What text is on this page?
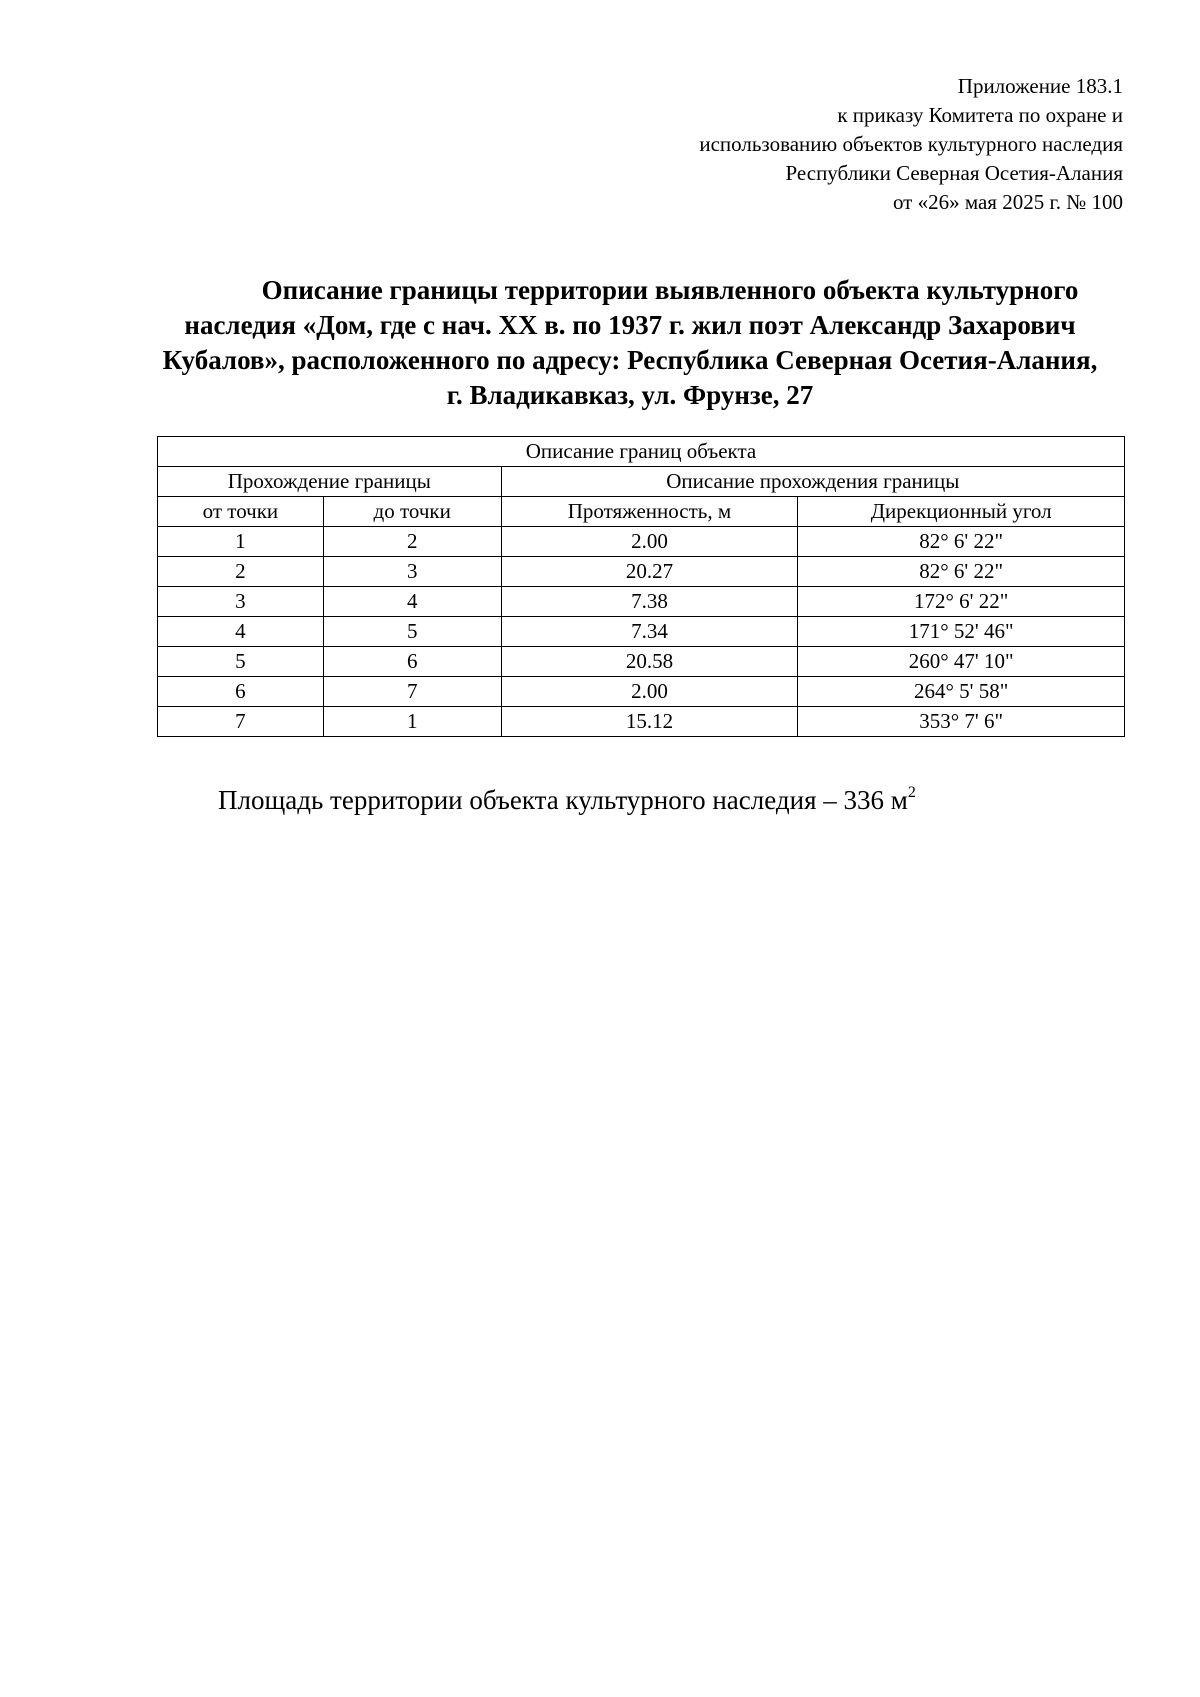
Приложение 183.1
к приказу Комитета по охране и
использованию объектов культурного наследия
Республики Северная Осетия-Алания
от «26» мая 2025 г. № 100
Описание границы территории выявленного объекта культурного
наследия «Дом, где с нач. XX в. по 1937 г. жил поэт Александр Захарович
Кубалов», расположенного по адресу: Республика Северная Осетия-Алания,
г. Владикавказ, ул. Фрунзе, 27
Описание границ объекта			
Прохождение границы		Описание прохождения границы	
от точки	до точки	Протяженность, м	Дирекционный угол
1	2	2.00	82° 6' 22"
2	3	20.27	82° 6' 22"
3	4	7.38	172° 6' 22"
4	5	7.34	171° 52' 46"
5	6	20.58	260° 47' 10"
6	7	2.00	264° 5' 58"
7	1	15.12	353° 7' 6"
Площадь территории объекта культурного наследия – 336 $м^2$
